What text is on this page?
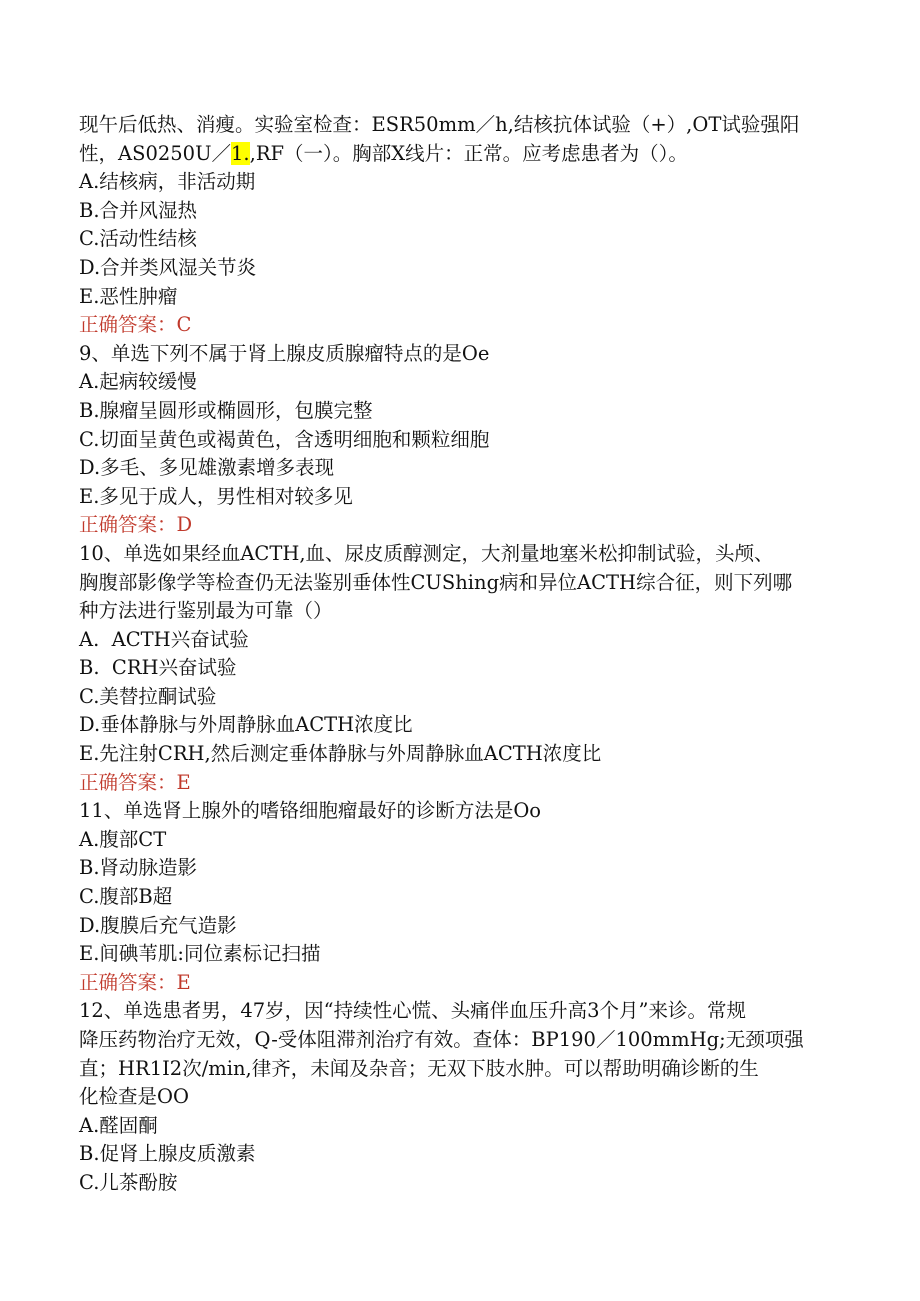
现午后低热、消瘦。实验室检查：ESR50mm／h,结核抗体试验（+）,OT试验强阳
性，AS0250U／1.,RF（一）。胸部X线片：正常。应考虑患者为（）。
A.结核病，非活动期
B.合并风湿热
C.活动性结核
D.合并类风湿关节炎
E.恶性肿瘤
正确答案：C
9、单选下列不属于肾上腺皮质腺瘤特点的是Oe
A.起病较缓慢
B.腺瘤呈圆形或椭圆形，包膜完整
C.切面呈黄色或褐黄色，含透明细胞和颗粒细胞
D.多毛、多见雄激素增多表现
E.多见于成人，男性相对较多见
正确答案：D
10、单选如果经血ACTH,血、尿皮质醇测定，大剂量地塞米松抑制试验，头颅、
胸腹部影像学等检查仍无法鉴别垂体性CUShing病和异位ACTH综合征，则下列哪
种方法进行鉴别最为可靠（）
A.  ACTH兴奋试验
B.  CRH兴奋试验
C.美替拉酮试验
D.垂体静脉与外周静脉血ACTH浓度比
E.先注射CRH,然后测定垂体静脉与外周静脉血ACTH浓度比
正确答案：E
11、单选肾上腺外的嗜铬细胞瘤最好的诊断方法是Oo
A.腹部CT
B.肾动脉造影
C.腹部B超
D.腹膜后充气造影
E.间碘苇肌:同位素标记扫描
正确答案：E
12、单选患者男，47岁，因“持续性心慌、头痛伴血压升高3个月”来诊。常规
降压药物治疗无效，Q-受体阻滞剂治疗有效。查体：BP190／100mmHg;无颈项强
直；HR1I2次/min,律齐，未闻及杂音；无双下肢水肿。可以帮助明确诊断的生
化检查是OO
A.醛固酮
B.促肾上腺皮质激素
C.儿茶酚胺
